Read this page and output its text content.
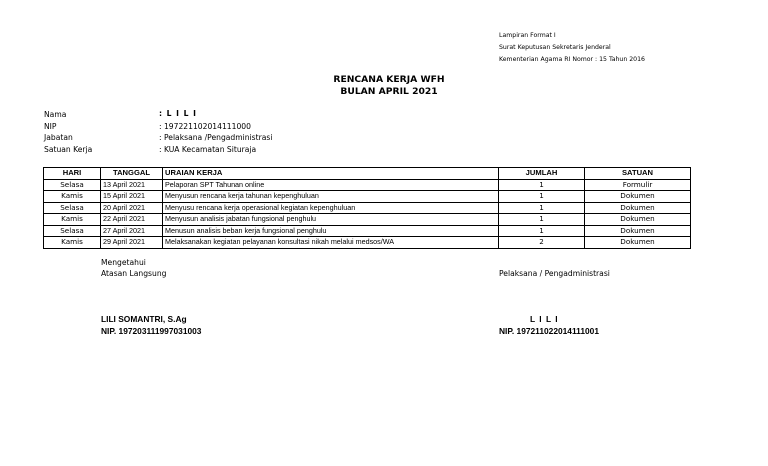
Lampiran Format I
Surat Keputusan Sekretaris Jenderal
Kementerian Agama RI Nomor : 15 Tahun 2016
RENCANA KERJA WFH
BULAN APRIL 2021
Nama	: L I L I
NIP	: 197221102014111000
Jabatan	: Pelaksana /Pengadministrasi
Satuan Kerja	: KUA Kecamatan Situraja
HARI	TANGGAL	URAIAN KERJA	JUMLAH	SATUAN
Selasa	13 April 2021	Pelaporan SPT Tahunan online	1	Formulir
Kamis	15 April 2021	Menyusun rencana kerja tahunan kepenghuluan	1	Dokumen
Selasa	20 April 2021	Menyusu rencana kerja operasional kegiatan kepenghuluan	1	Dokumen
Kamis	22 April 2021	Menyusun analisis jabatan fungsional penghulu	1	Dokumen
Selasa	27 April 2021	Menusun analisis beban kerja fungsional penghulu	1	Dokumen
Kamis	29 April 2021	Melaksanakan kegiatan pelayanan konsultasi nikah melalui medsos/WA	2	Dokumen
Mengetahui
Atasan Langsung	Pelaksana / Pengadministrasi
LILI SOMANTRI, S.Ag
NIP. 197203111997031003
L I L I
NIP. 197211022014111001
